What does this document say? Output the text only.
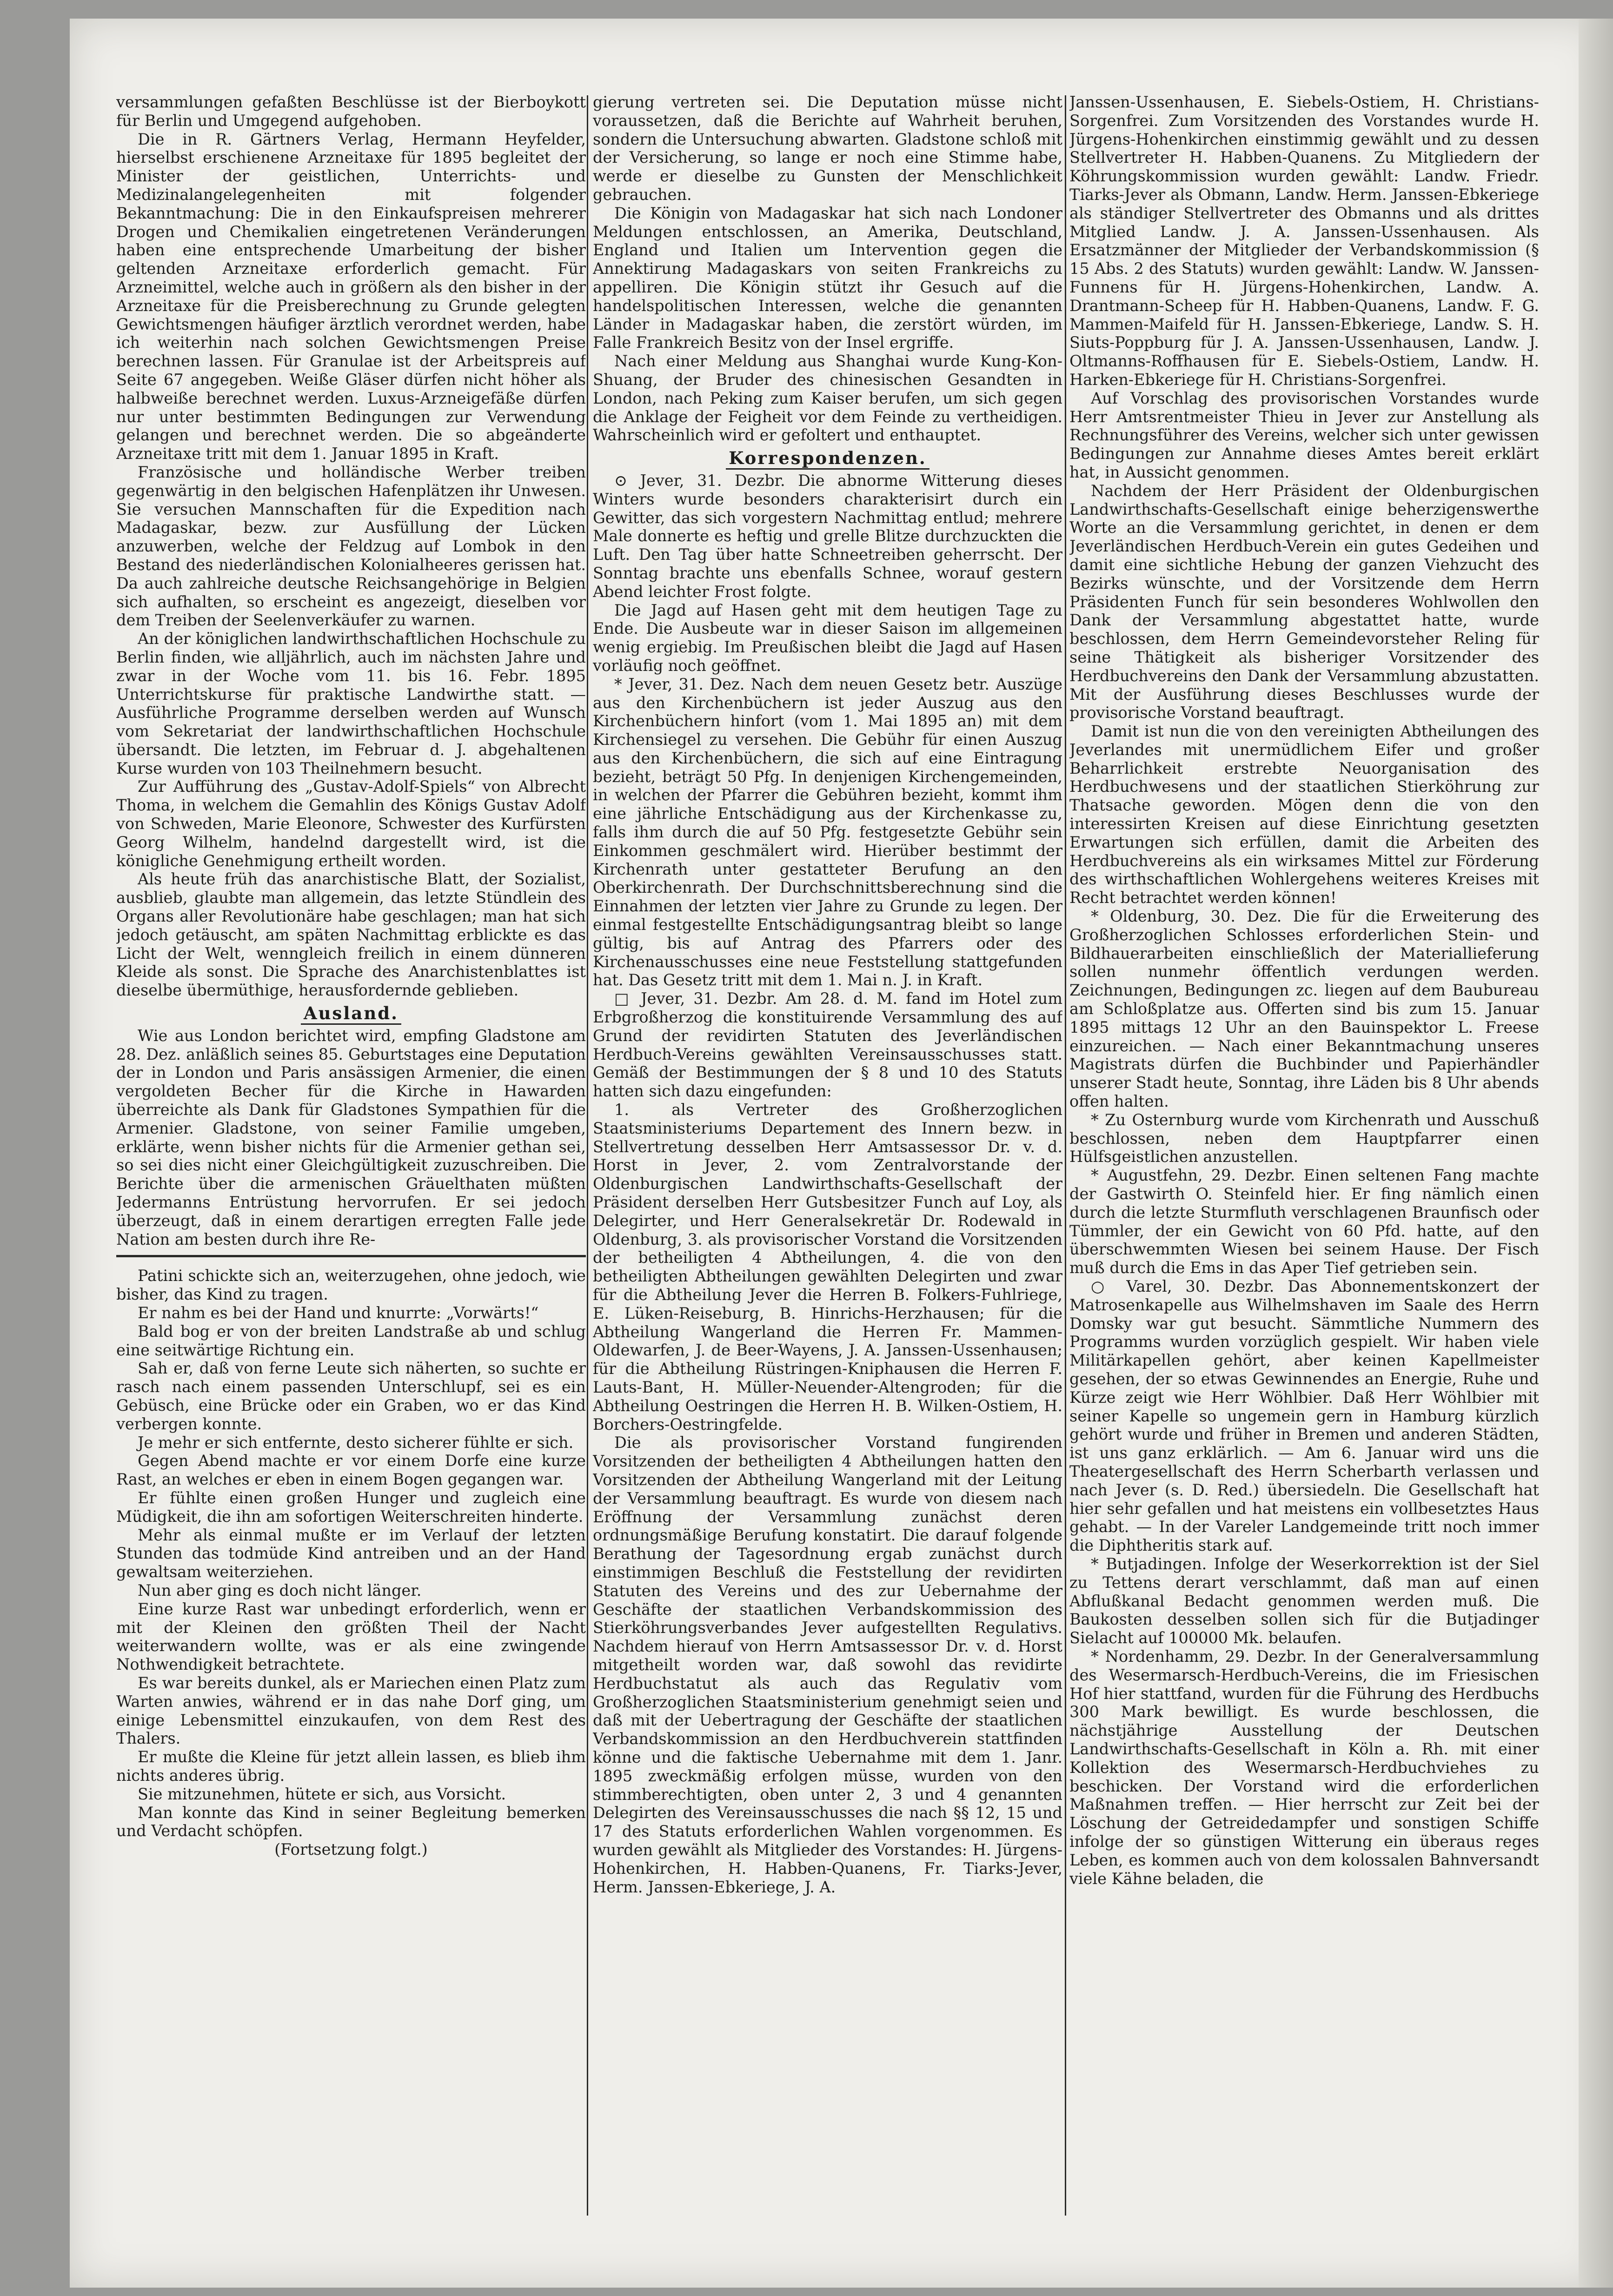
versammlungen gefaßten Beschlüsse ist der Bierboykott für Berlin und Umgegend aufgehoben.

Die in R. Gärtners Verlag, Hermann Heyfelder, hierselbst erschienene Arzneitaxe für 1895 begleitet der Minister der geistlichen, Unterrichts- und Medizinalangelegenheiten mit folgender Bekanntmachung: Die in den Einkaufspreisen mehrerer Drogen und Chemikalien eingetretenen Veränderungen haben eine entsprechende Umarbeitung der bisher geltenden Arzneitaxe erforderlich gemacht. Für Arzneimittel, welche auch in größern als den bisher in der Arzneitaxe für die Preisberechnung zu Grunde gelegten Gewichtsmengen häufiger ärztlich verordnet werden, habe ich weiterhin nach solchen Gewichtsmengen Preise berechnen lassen. Für Granulae ist der Arbeitspreis auf Seite 67 angegeben. Weiße Gläser dürfen nicht höher als halbweiße berechnet werden. Luxus-Arzneigefäße dürfen nur unter bestimmten Bedingungen zur Verwendung gelangen und berechnet werden. Die so abgeänderte Arzneitaxe tritt mit dem 1. Januar 1895 in Kraft.

Französische und holländische Werber treiben gegenwärtig in den belgischen Hafenplätzen ihr Unwesen. Sie versuchen Mannschaften für die Expedition nach Madagaskar, bezw. zur Ausfüllung der Lücken anzuwerben, welche der Feldzug auf Lombok in den Bestand des niederländischen Kolonialheeres gerissen hat. Da auch zahlreiche deutsche Reichsangehörige in Belgien sich aufhalten, so erscheint es angezeigt, dieselben vor dem Treiben der Seelenverkäufer zu warnen.

An der königlichen landwirthschaftlichen Hochschule zu Berlin finden, wie alljährlich, auch im nächsten Jahre und zwar in der Woche vom 11. bis 16. Febr. 1895 Unterrichtskurse für praktische Landwirthe statt. — Ausführliche Programme derselben werden auf Wunsch vom Sekretariat der landwirthschaftlichen Hochschule übersandt. Die letzten, im Februar d. J. abgehaltenen Kurse wurden von 103 Theilnehmern besucht.

Zur Aufführung des „Gustav-Adolf-Spiels“ von Albrecht Thoma, in welchem die Gemahlin des Königs Gustav Adolf von Schweden, Marie Eleonore, Schwester des Kurfürsten Georg Wilhelm, handelnd dargestellt wird, ist die königliche Genehmigung ertheilt worden.

Als heute früh das anarchistische Blatt, der Sozialist, ausblieb, glaubte man allgemein, das letzte Stündlein des Organs aller Revolutionäre habe geschlagen; man hat sich jedoch getäuscht, am späten Nachmittag erblickte es das Licht der Welt, wenngleich freilich in einem dünneren Kleide als sonst. Die Sprache des Anarchistenblattes ist dieselbe übermüthige, herausfordernde geblieben.

Ausland.

Wie aus London berichtet wird, empfing Gladstone am 28. Dez. anläßlich seines 85. Geburtstages eine Deputation der in London und Paris ansässigen Armenier, die einen vergoldeten Becher für die Kirche in Hawarden überreichte als Dank für Gladstones Sympathien für die Armenier. Gladstone, von seiner Familie umgeben, erklärte, wenn bisher nichts für die Armenier gethan sei, so sei dies nicht einer Gleichgültigkeit zuzuschreiben. Die Berichte über die armenischen Gräuelthaten müßten Jedermanns Entrüstung hervorrufen. Er sei jedoch überzeugt, daß in einem derartigen erregten Falle jede Nation am besten durch ihre Re-

Patini schickte sich an, weiterzugehen, ohne jedoch, wie bisher, das Kind zu tragen.

Er nahm es bei der Hand und knurrte: „Vorwärts!“

Bald bog er von der breiten Landstraße ab und schlug eine seitwärtige Richtung ein.

Sah er, daß von ferne Leute sich näherten, so suchte er rasch nach einem passenden Unterschlupf, sei es ein Gebüsch, eine Brücke oder ein Graben, wo er das Kind verbergen konnte.

Je mehr er sich entfernte, desto sicherer fühlte er sich.

Gegen Abend machte er vor einem Dorfe eine kurze Rast, an welches er eben in einem Bogen gegangen war.

Er fühlte einen großen Hunger und zugleich eine Müdigkeit, die ihn am sofortigen Weiterschreiten hinderte.

Mehr als einmal mußte er im Verlauf der letzten Stunden das todmüde Kind antreiben und an der Hand gewaltsam weiterziehen.

Nun aber ging es doch nicht länger.

Eine kurze Rast war unbedingt erforderlich, wenn er mit der Kleinen den größten Theil der Nacht weiterwandern wollte, was er als eine zwingende Nothwendigkeit betrachtete.

Es war bereits dunkel, als er Mariechen einen Platz zum Warten anwies, während er in das nahe Dorf ging, um einige Lebensmittel einzukaufen, von dem Rest des Thalers.

Er mußte die Kleine für jetzt allein lassen, es blieb ihm nichts anderes übrig.

Sie mitzunehmen, hütete er sich, aus Vorsicht.

Man konnte das Kind in seiner Begleitung bemerken und Verdacht schöpfen.

(Fortsetzung folgt.)

gierung vertreten sei. Die Deputation müsse nicht voraussetzen, daß die Berichte auf Wahrheit beruhen, sondern die Untersuchung abwarten. Gladstone schloß mit der Versicherung, so lange er noch eine Stimme habe, werde er dieselbe zu Gunsten der Menschlichkeit gebrauchen.

Die Königin von Madagaskar hat sich nach Londoner Meldungen entschlossen, an Amerika, Deutschland, England und Italien um Intervention gegen die Annektirung Madagaskars von seiten Frankreichs zu appelliren. Die Königin stützt ihr Gesuch auf die handelspolitischen Interessen, welche die genannten Länder in Madagaskar haben, die zerstört würden, im Falle Frankreich Besitz von der Insel ergriffe.

Nach einer Meldung aus Shanghai wurde Kung-Kon-Shuang, der Bruder des chinesischen Gesandten in London, nach Peking zum Kaiser berufen, um sich gegen die Anklage der Feigheit vor dem Feinde zu vertheidigen. Wahrscheinlich wird er gefoltert und enthauptet.

Korrespondenzen.

⊙ Jever, 31. Dezbr. Die abnorme Witterung dieses Winters wurde besonders charakterisirt durch ein Gewitter, das sich vorgestern Nachmittag entlud; mehrere Male donnerte es heftig und grelle Blitze durchzuckten die Luft. Den Tag über hatte Schneetreiben geherrscht. Der Sonntag brachte uns ebenfalls Schnee, worauf gestern Abend leichter Frost folgte.

Die Jagd auf Hasen geht mit dem heutigen Tage zu Ende. Die Ausbeute war in dieser Saison im allgemeinen wenig ergiebig. Im Preußischen bleibt die Jagd auf Hasen vorläufig noch geöffnet.

* Jever, 31. Dez. Nach dem neuen Gesetz betr. Auszüge aus den Kirchenbüchern ist jeder Auszug aus den Kirchenbüchern hinfort (vom 1. Mai 1895 an) mit dem Kirchensiegel zu versehen. Die Gebühr für einen Auszug aus den Kirchenbüchern, die sich auf eine Eintragung bezieht, beträgt 50 Pfg. In denjenigen Kirchengemeinden, in welchen der Pfarrer die Gebühren bezieht, kommt ihm eine jährliche Entschädigung aus der Kirchenkasse zu, falls ihm durch die auf 50 Pfg. festgesetzte Gebühr sein Einkommen geschmälert wird. Hierüber bestimmt der Kirchenrath unter gestatteter Berufung an den Oberkirchenrath. Der Durchschnittsberechnung sind die Einnahmen der letzten vier Jahre zu Grunde zu legen. Der einmal festgestellte Entschädigungsantrag bleibt so lange gültig, bis auf Antrag des Pfarrers oder des Kirchenausschusses eine neue Feststellung stattgefunden hat. Das Gesetz tritt mit dem 1. Mai n. J. in Kraft.

□ Jever, 31. Dezbr. Am 28. d. M. fand im Hotel zum Erbgroßherzog die konstituirende Versammlung des auf Grund der revidirten Statuten des Jeverländischen Herdbuch-Vereins gewählten Vereinsausschusses statt. Gemäß der Bestimmungen der § 8 und 10 des Statuts hatten sich dazu eingefunden:

1. als Vertreter des Großherzoglichen Staatsministeriums Departement des Innern bezw. in Stellvertretung desselben Herr Amtsassessor Dr. v. d. Horst in Jever, 2. vom Zentralvorstande der Oldenburgischen Landwirthschafts-Gesellschaft der Präsident derselben Herr Gutsbesitzer Funch auf Loy, als Delegirter, und Herr Generalsekretär Dr. Rodewald in Oldenburg, 3. als provisorischer Vorstand die Vorsitzenden der betheiligten 4 Abtheilungen, 4. die von den betheiligten Abtheilungen gewählten Delegirten und zwar für die Abtheilung Jever die Herren B. Folkers-Fuhlriege, E. Lüken-Reiseburg, B. Hinrichs-Herzhausen; für die Abtheilung Wangerland die Herren Fr. Mammen-Oldewarfen, J. de Beer-Wayens, J. A. Janssen-Ussenhausen; für die Abtheilung Rüstringen-Kniphausen die Herren F. Lauts-Bant, H. Müller-Neuender-Altengroden; für die Abtheilung Oestringen die Herren H. B. Wilken-Ostiem, H. Borchers-Oestringfelde.

Die als provisorischer Vorstand fungirenden Vorsitzenden der betheiligten 4 Abtheilungen hatten den Vorsitzenden der Abtheilung Wangerland mit der Leitung der Versammlung beauftragt. Es wurde von diesem nach Eröffnung der Versammlung zunächst deren ordnungsmäßige Berufung konstatirt. Die darauf folgende Berathung der Tagesordnung ergab zunächst durch einstimmigen Beschluß die Feststellung der revidirten Statuten des Vereins und des zur Uebernahme der Geschäfte der staatlichen Verbandskommission des Stierköhrungsverbandes Jever aufgestellten Regulativs. Nachdem hierauf von Herrn Amtsassessor Dr. v. d. Horst mitgetheilt worden war, daß sowohl das revidirte Herdbuchstatut als auch das Regulativ vom Großherzoglichen Staatsministerium genehmigt seien und daß mit der Uebertragung der Geschäfte der staatlichen Verbandskommission an den Herdbuchverein stattfinden könne und die faktische Uebernahme mit dem 1. Janr. 1895 zweckmäßig erfolgen müsse, wurden von den stimmberechtigten, oben unter 2, 3 und 4 genannten Delegirten des Vereinsausschusses die nach §§ 12, 15 und 17 des Statuts erforderlichen Wahlen vorgenommen. Es wurden gewählt als Mitglieder des Vorstandes: H. Jürgens-Hohenkirchen, H. Habben-Quanens, Fr. Tiarks-Jever, Herm. Janssen-Ebkeriege, J. A.

Janssen-Ussenhausen, E. Siebels-Ostiem, H. Christians-Sorgenfrei. Zum Vorsitzenden des Vorstandes wurde H. Jürgens-Hohenkirchen einstimmig gewählt und zu dessen Stellvertreter H. Habben-Quanens. Zu Mitgliedern der Köhrungskommission wurden gewählt: Landw. Friedr. Tiarks-Jever als Obmann, Landw. Herm. Janssen-Ebkeriege als ständiger Stellvertreter des Obmanns und als drittes Mitglied Landw. J. A. Janssen-Ussenhausen. Als Ersatzmänner der Mitglieder der Verbandskommission (§ 15 Abs. 2 des Statuts) wurden gewählt: Landw. W. Janssen-Funnens für H. Jürgens-Hohenkirchen, Landw. A. Drantmann-Scheep für H. Habben-Quanens, Landw. F. G. Mammen-Maifeld für H. Janssen-Ebkeriege, Landw. S. H. Siuts-Poppburg für J. A. Janssen-Ussenhausen, Landw. J. Oltmanns-Roffhausen für E. Siebels-Ostiem, Landw. H. Harken-Ebkeriege für H. Christians-Sorgenfrei.

Auf Vorschlag des provisorischen Vorstandes wurde Herr Amtsrentmeister Thieu in Jever zur Anstellung als Rechnungsführer des Vereins, welcher sich unter gewissen Bedingungen zur Annahme dieses Amtes bereit erklärt hat, in Aussicht genommen.

Nachdem der Herr Präsident der Oldenburgischen Landwirthschafts-Gesellschaft einige beherzigenswerthe Worte an die Versammlung gerichtet, in denen er dem Jeverländischen Herdbuch-Verein ein gutes Gedeihen und damit eine sichtliche Hebung der ganzen Viehzucht des Bezirks wünschte, und der Vorsitzende dem Herrn Präsidenten Funch für sein besonderes Wohlwollen den Dank der Versammlung abgestattet hatte, wurde beschlossen, dem Herrn Gemeindevorsteher Reling für seine Thätigkeit als bisheriger Vorsitzender des Herdbuchvereins den Dank der Versammlung abzustatten. Mit der Ausführung dieses Beschlusses wurde der provisorische Vorstand beauftragt.

Damit ist nun die von den vereinigten Abtheilungen des Jeverlandes mit unermüdlichem Eifer und großer Beharrlichkeit erstrebte Neuorganisation des Herdbuchwesens und der staatlichen Stierköhrung zur Thatsache geworden. Mögen denn die von den interessirten Kreisen auf diese Einrichtung gesetzten Erwartungen sich erfüllen, damit die Arbeiten des Herdbuchvereins als ein wirksames Mittel zur Förderung des wirthschaftlichen Wohlergehens weiteres Kreises mit Recht betrachtet werden können!

* Oldenburg, 30. Dez. Die für die Erweiterung des Großherzoglichen Schlosses erforderlichen Stein- und Bildhauerarbeiten einschließlich der Materiallieferung sollen nunmehr öffentlich verdungen werden. Zeichnungen, Bedingungen zc. liegen auf dem Baubureau am Schloßplatze aus. Offerten sind bis zum 15. Januar 1895 mittags 12 Uhr an den Bauinspektor L. Freese einzureichen. — Nach einer Bekanntmachung unseres Magistrats dürfen die Buchbinder und Papierhändler unserer Stadt heute, Sonntag, ihre Läden bis 8 Uhr abends offen halten.

* Zu Osternburg wurde vom Kirchenrath und Ausschuß beschlossen, neben dem Hauptpfarrer einen Hülfsgeistlichen anzustellen.

* Augustfehn, 29. Dezbr. Einen seltenen Fang machte der Gastwirth O. Steinfeld hier. Er fing nämlich einen durch die letzte Sturmfluth verschlagenen Braunfisch oder Tümmler, der ein Gewicht von 60 Pfd. hatte, auf den überschwemmten Wiesen bei seinem Hause. Der Fisch muß durch die Ems in das Aper Tief getrieben sein.

○ Varel, 30. Dezbr. Das Abonnementskonzert der Matrosenkapelle aus Wilhelmshaven im Saale des Herrn Domsky war gut besucht. Sämmtliche Nummern des Programms wurden vorzüglich gespielt. Wir haben viele Militärkapellen gehört, aber keinen Kapellmeister gesehen, der so etwas Gewinnendes an Energie, Ruhe und Kürze zeigt wie Herr Wöhlbier. Daß Herr Wöhlbier mit seiner Kapelle so ungemein gern in Hamburg kürzlich gehört wurde und früher in Bremen und anderen Städten, ist uns ganz erklärlich. — Am 6. Januar wird uns die Theatergesellschaft des Herrn Scherbarth verlassen und nach Jever (s. D. Red.) übersiedeln. Die Gesellschaft hat hier sehr gefallen und hat meistens ein vollbesetztes Haus gehabt. — In der Vareler Landgemeinde tritt noch immer die Diphtheritis stark auf.

* Butjadingen. Infolge der Weserkorrektion ist der Siel zu Tettens derart verschlammt, daß man auf einen Abflußkanal Bedacht genommen werden muß. Die Baukosten desselben sollen sich für die Butjadinger Sielacht auf 100000 Mk. belaufen.

* Nordenhamm, 29. Dezbr. In der Generalversammlung des Wesermarsch-Herdbuch-Vereins, die im Friesischen Hof hier stattfand, wurden für die Führung des Herdbuchs 300 Mark bewilligt. Es wurde beschlossen, die nächstjährige Ausstellung der Deutschen Landwirthschafts-Gesellschaft in Köln a. Rh. mit einer Kollektion des Wesermarsch-Herdbuchviehes zu beschicken. Der Vorstand wird die erforderlichen Maßnahmen treffen. — Hier herrscht zur Zeit bei der Löschung der Getreidedampfer und sonstigen Schiffe infolge der so günstigen Witterung ein überaus reges Leben, es kommen auch von dem kolossalen Bahnversandt viele Kähne beladen, die
